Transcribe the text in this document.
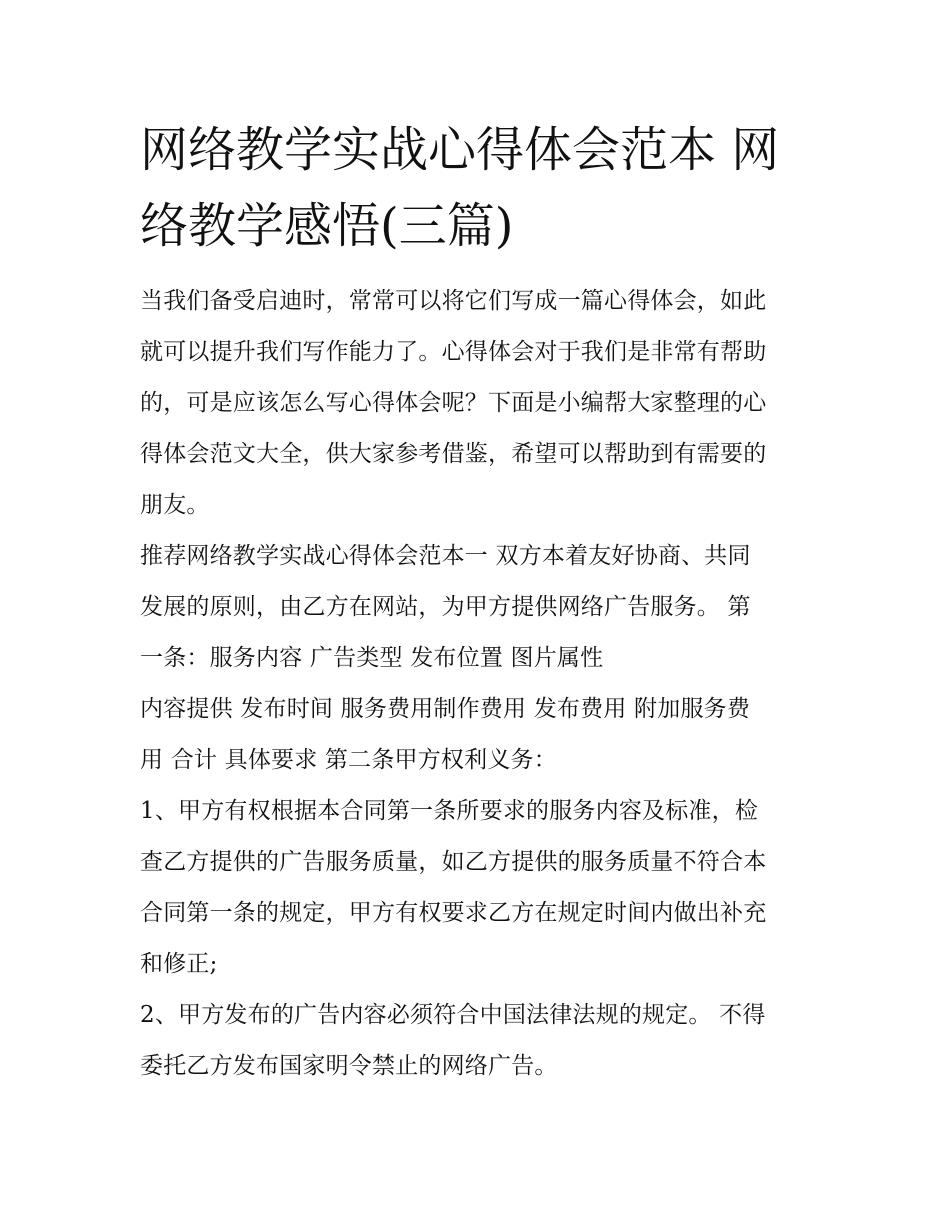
网络教学实战心得体会范本 网
络教学感悟(三篇)

当我们备受启迪时，常常可以将它们写成一篇心得体会，如此
就可以提升我们写作能力了。心得体会对于我们是非常有帮助
的，可是应该怎么写心得体会呢？下面是小编帮大家整理的心
得体会范文大全，供大家参考借鉴，希望可以帮助到有需要的
朋友。

推荐网络教学实战心得体会范本一 双方本着友好协商、共同
发展的原则，由乙方在网站，为甲方提供网络广告服务。 第
一条：服务内容 广告类型 发布位置 图片属性

内容提供 发布时间 服务费用制作费用 发布费用 附加服务费
用 合计 具体要求 第二条甲方权利义务：

1、甲方有权根据本合同第一条所要求的服务内容及标准，检
查乙方提供的广告服务质量，如乙方提供的服务质量不符合本
合同第一条的规定，甲方有权要求乙方在规定时间内做出补充
和修正;

2、甲方发布的广告内容必须符合中国法律法规的规定。 不得
委托乙方发布国家明令禁止的网络广告。
